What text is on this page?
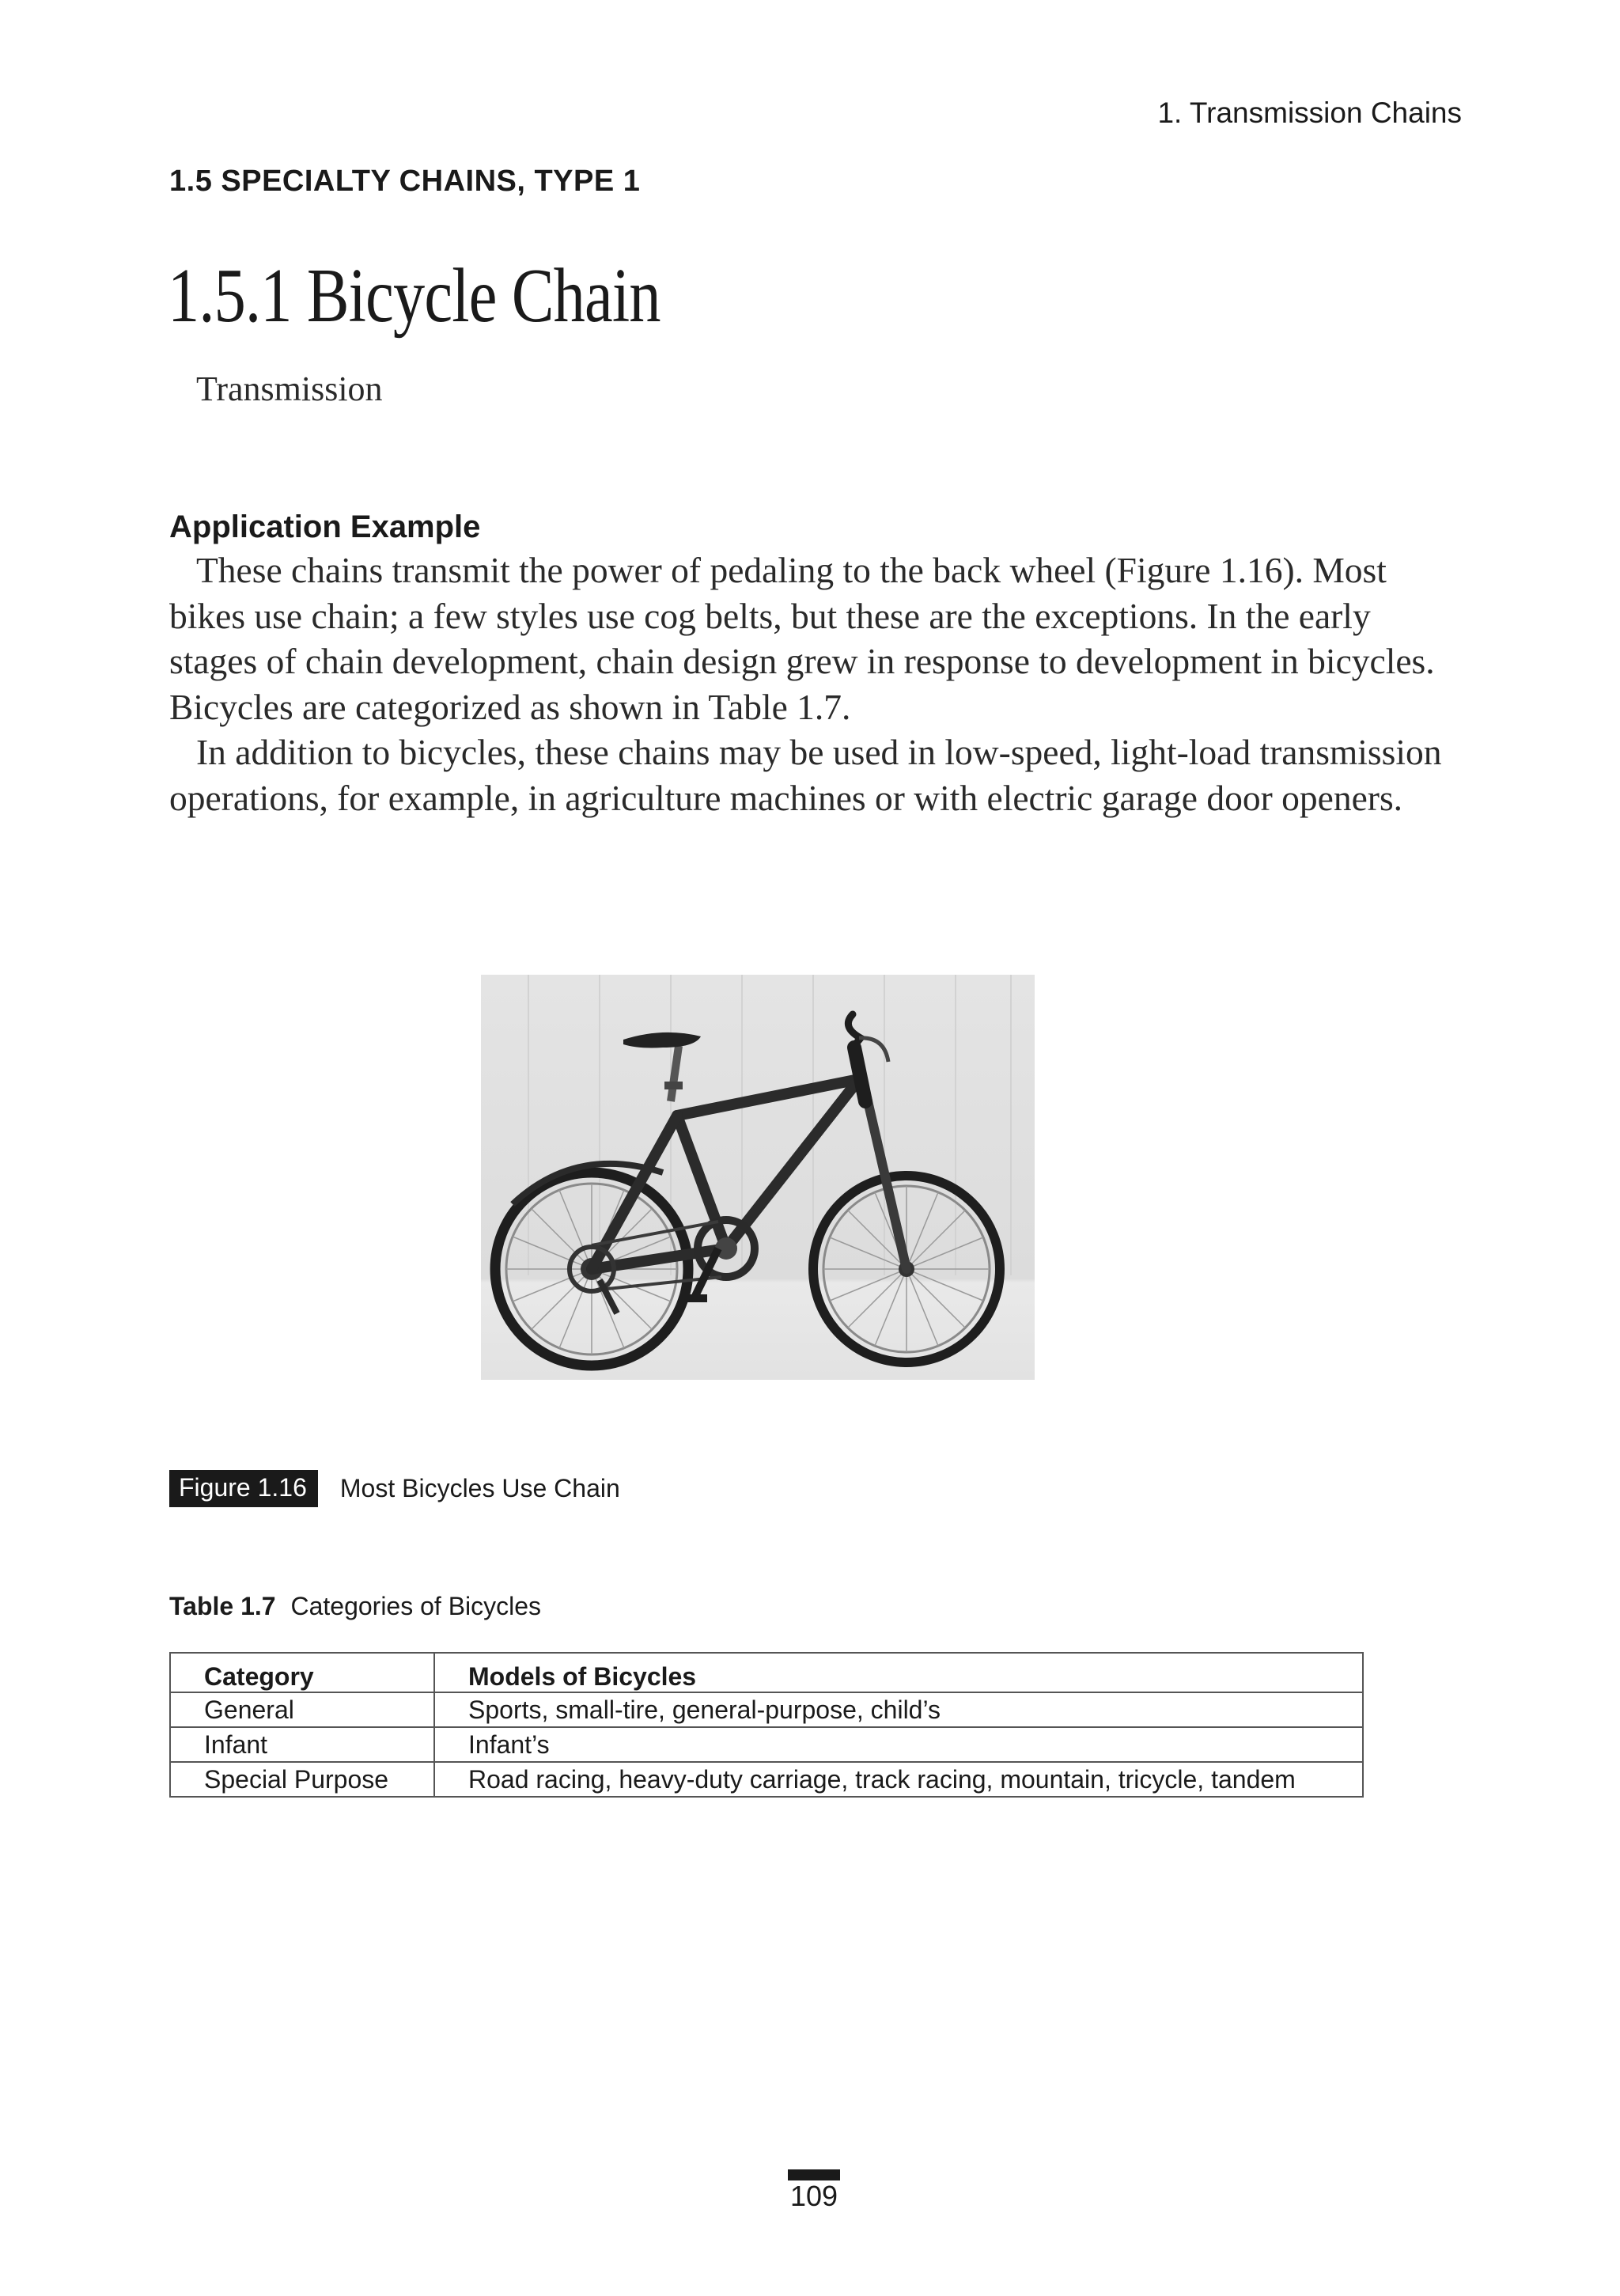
1. Transmission Chains
1.5 SPECIALTY CHAINS, TYPE 1
1.5.1 Bicycle Chain
Transmission
Application Example

These chains transmit the power of pedaling to the back wheel (Figure 1.16). Most bikes use chain; a few styles use cog belts, but these are the exceptions. In the early stages of chain development, chain design grew in response to development in bicycles. Bicycles are categorized as shown in Table 1.7.

In addition to bicycles, these chains may be used in low-speed, light-load transmission operations, for example, in agriculture machines or with electric garage door openers.

Figure 1.16	Most Bicycles Use Chain
Table 1.7 Categories of Bicycles
Category	Models of Bicycles
General	Sports, small-tire, general-purpose, child’s
Infant	Infant’s
Special Purpose	Road racing, heavy-duty carriage, track racing, mountain, tricycle, tandem
109
